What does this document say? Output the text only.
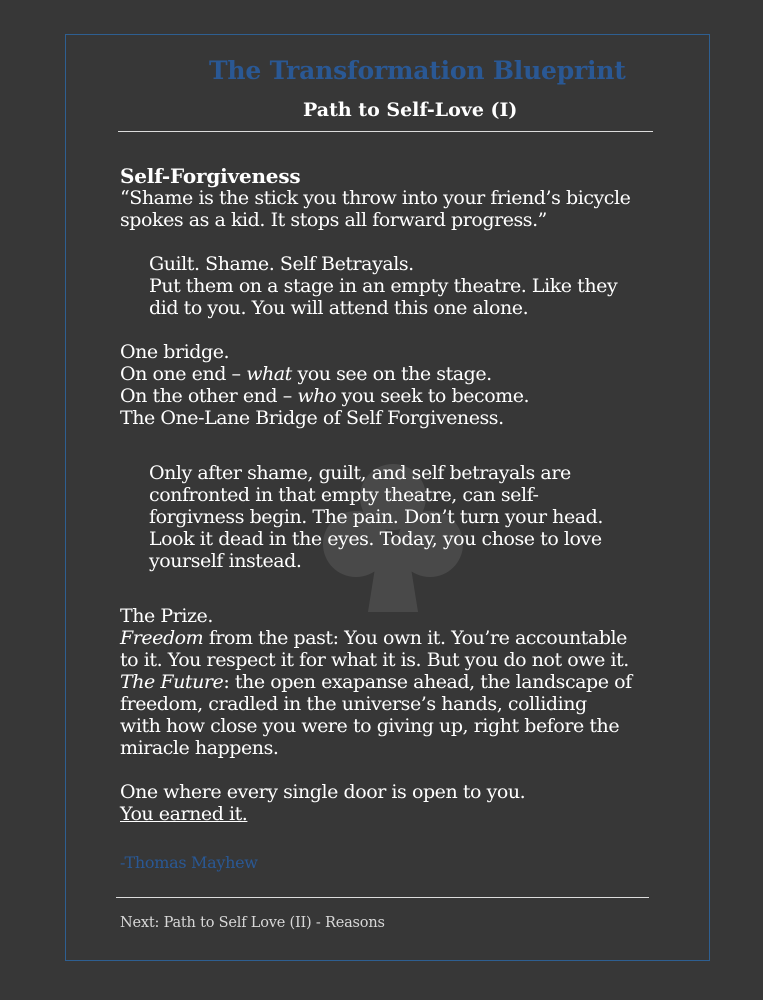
The Transformation Blueprint
Path to Self-Love (I)

Self-Forgiveness

“Shame is the stick you throw into your friend’s bicycle

spokes as a kid. It stops all forward progress.”

Guilt. Shame. Self Betrayals.

Put them on a stage in an empty theatre. Like they

did to you. You will attend this one alone.

One bridge.

On one end – what you see on the stage.

On the other end – who you seek to become.

The One-Lane Bridge of Self Forgiveness.

Only after shame, guilt, and self betrayals are

confronted in that empty theatre, can self-

forgivness begin. The pain. Don’t turn your head.

Look it dead in the eyes. Today, you chose to love

yourself instead.

The Prize.

Freedom from the past: You own it. You’re accountable

to it. You respect it for what it is. But you do not owe it.

The Future: the open exapanse ahead, the landscape of

freedom, cradled in the universe’s hands, colliding

with how close you were to giving up, right before the

miracle happens.

One where every single door is open to you.

You earned it.

-Thomas Mayhew
Next: Path to Self Love (II) - Reasons
